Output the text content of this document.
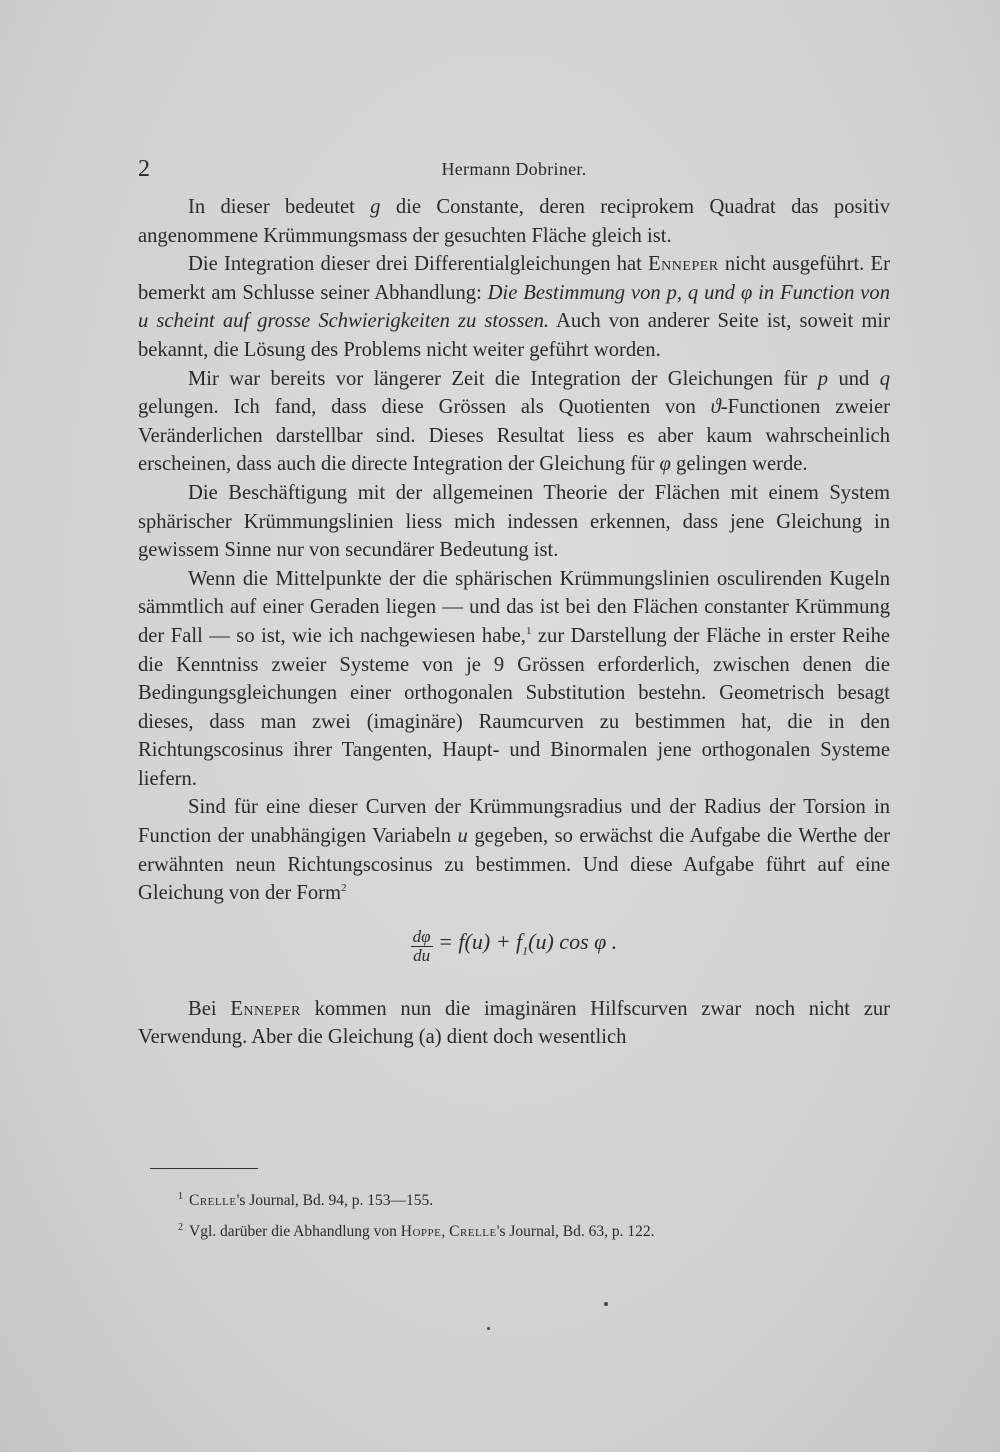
2	Hermann Dobriner.

In dieser bedeutet g die Constante, deren reciprokem Quadrat das positiv angenommene Krümmungsmass der gesuchten Fläche gleich ist.

Die Integration dieser drei Differentialgleichungen hat Enneper nicht ausgeführt. Er bemerkt am Schlusse seiner Abhandlung: Die Bestimmung von p, q und φ in Function von u scheint auf grosse Schwierigkeiten zu stossen. Auch von anderer Seite ist, soweit mir bekannt, die Lösung des Problems nicht weiter geführt worden.

Mir war bereits vor längerer Zeit die Integration der Gleichungen für p und q gelungen. Ich fand, dass diese Grössen als Quotienten von ϑ-Functionen zweier Veränderlichen darstellbar sind. Dieses Resultat liess es aber kaum wahrscheinlich erscheinen, dass auch die directe Integration der Gleichung für φ gelingen werde.

Die Beschäftigung mit der allgemeinen Theorie der Flächen mit einem System sphärischer Krümmungslinien liess mich indessen erkennen, dass jene Gleichung in gewissem Sinne nur von secundärer Bedeutung ist.

Wenn die Mittelpunkte der die sphärischen Krümmungslinien osculirenden Kugeln sämmtlich auf einer Geraden liegen — und das ist bei den Flächen constanter Krümmung der Fall — so ist, wie ich nachgewiesen habe,$^1$ zur Darstellung der Fläche in erster Reihe die Kenntniss zweier Systeme von je 9 Grössen erforderlich, zwischen denen die Bedingungsgleichungen einer orthogonalen Substitution bestehn. Geometrisch besagt dieses, dass man zwei (imaginäre) Raumcurven zu bestimmen hat, die in den Richtungscosinus ihrer Tangenten, Haupt- und Binormalen jene orthogonalen Systeme liefern.

Sind für eine dieser Curven der Krümmungsradius und der Radius der Torsion in Function der unabhängigen Variabeln u gegeben, so erwächst die Aufgabe die Werthe der erwähnten neun Richtungscosinus zu bestimmen. Und diese Aufgabe führt auf eine Gleichung von der Form$^2$

$\frac{d\varphi}{du} = f(u) + f_1(u)$ cos φ .

Bei Enneper kommen nun die imaginären Hilfscurven zwar noch nicht zur Verwendung. Aber die Gleichung (a) dient doch wesentlich

$^1$ Crelle's Journal, Bd. 94, p. 153—155.
$^2$ Vgl. darüber die Abhandlung von Hoppe, Crelle's Journal, Bd. 63, p. 122.
